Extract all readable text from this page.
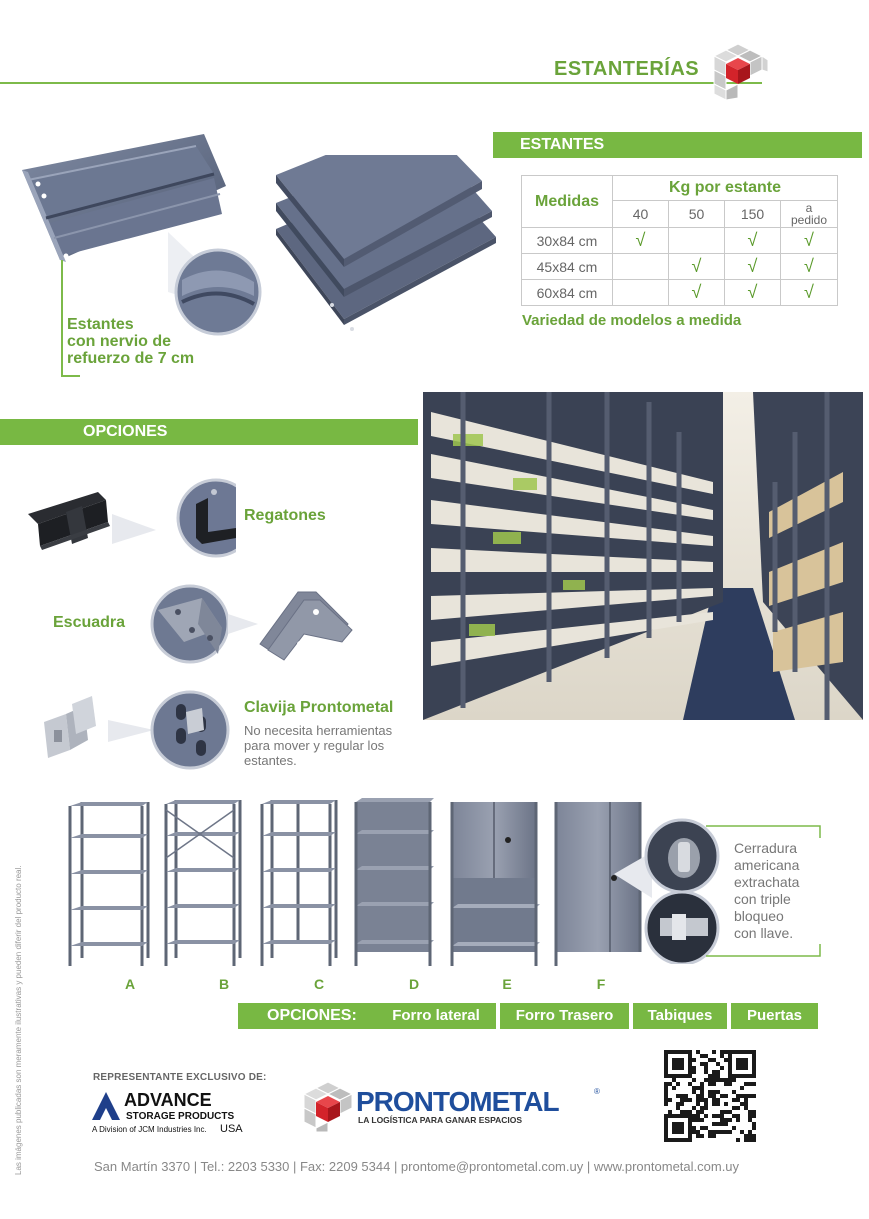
ESTANTERÍAS
Estantes
con nervio de
refuerzo de 7 cm
ESTANTES
Medidas	Kg por estante			
	40	50	150	a
pedido

30x84 cm	√		√	√
45x84 cm		√	√	√
60x84 cm		√	√	√
Variedad de modelos a medida
OPCIONES
Regatones
Escuadra
Clavija Prontometal
No necesita herramientas
para mover y regular los
estantes.
A	B	C	D	E	F
Cerradura
americana
extrachata
con triple
bloqueo
con llave.
OPCIONES:	Forro lateral	Forro Trasero	Tabiques	Puertas
REPRESENTANTE EXCLUSIVO DE:
ADVANCE
STORAGE PRODUCTS
A Division of JCM Industries Inc. USA
PRONTOMETAL	®
LA LOGÍSTICA PARA GANAR ESPACIOS
San Martín 3370 | Tel.: 2203 5330 | Fax: 2209 5344 | prontome@prontometal.com.uy | www.prontometal.com.uy
Las imágenes publicadas son meramente ilustrativas y pueden diferir del producto real.
